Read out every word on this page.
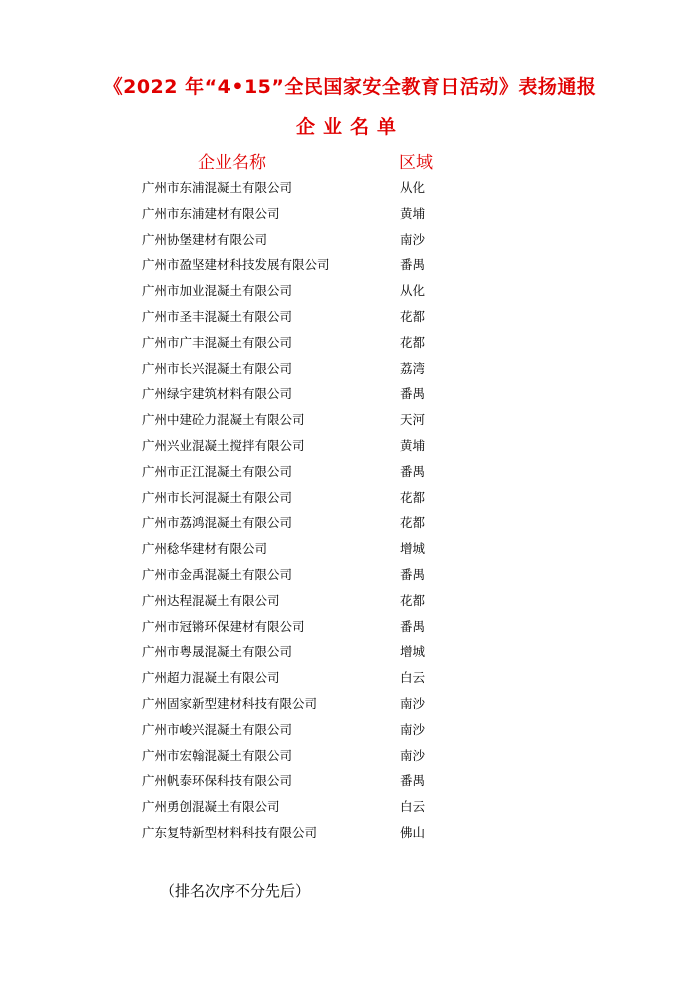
《2022 年“4•15”全民国家安全教育日活动》表扬通报
企业名单
企业名称	区域
广州市东浦混凝土有限公司	从化
广州市东浦建材有限公司	黄埔
广州协堡建材有限公司	南沙
广州市盈坚建材科技发展有限公司	番禺
广州市加业混凝土有限公司	从化
广州市圣丰混凝土有限公司	花都
广州市广丰混凝土有限公司	花都
广州市长兴混凝土有限公司	荔湾
广州绿宇建筑材料有限公司	番禺
广州中建砼力混凝土有限公司	天河
广州兴业混凝土搅拌有限公司	黄埔
广州市正江混凝土有限公司	番禺
广州市长河混凝土有限公司	花都
广州市荔鸿混凝土有限公司	花都
广州稔华建材有限公司	增城
广州市金禹混凝土有限公司	番禺
广州达程混凝土有限公司	花都
广州市冠锵环保建材有限公司	番禺
广州市粤晟混凝土有限公司	增城
广州超力混凝土有限公司	白云
广州固家新型建材科技有限公司	南沙
广州市峻兴混凝土有限公司	南沙
广州市宏翰混凝土有限公司	南沙
广州帆泰环保科技有限公司	番禺
广州勇创混凝土有限公司	白云
广东复特新型材料科技有限公司	佛山
（排名次序不分先后）
